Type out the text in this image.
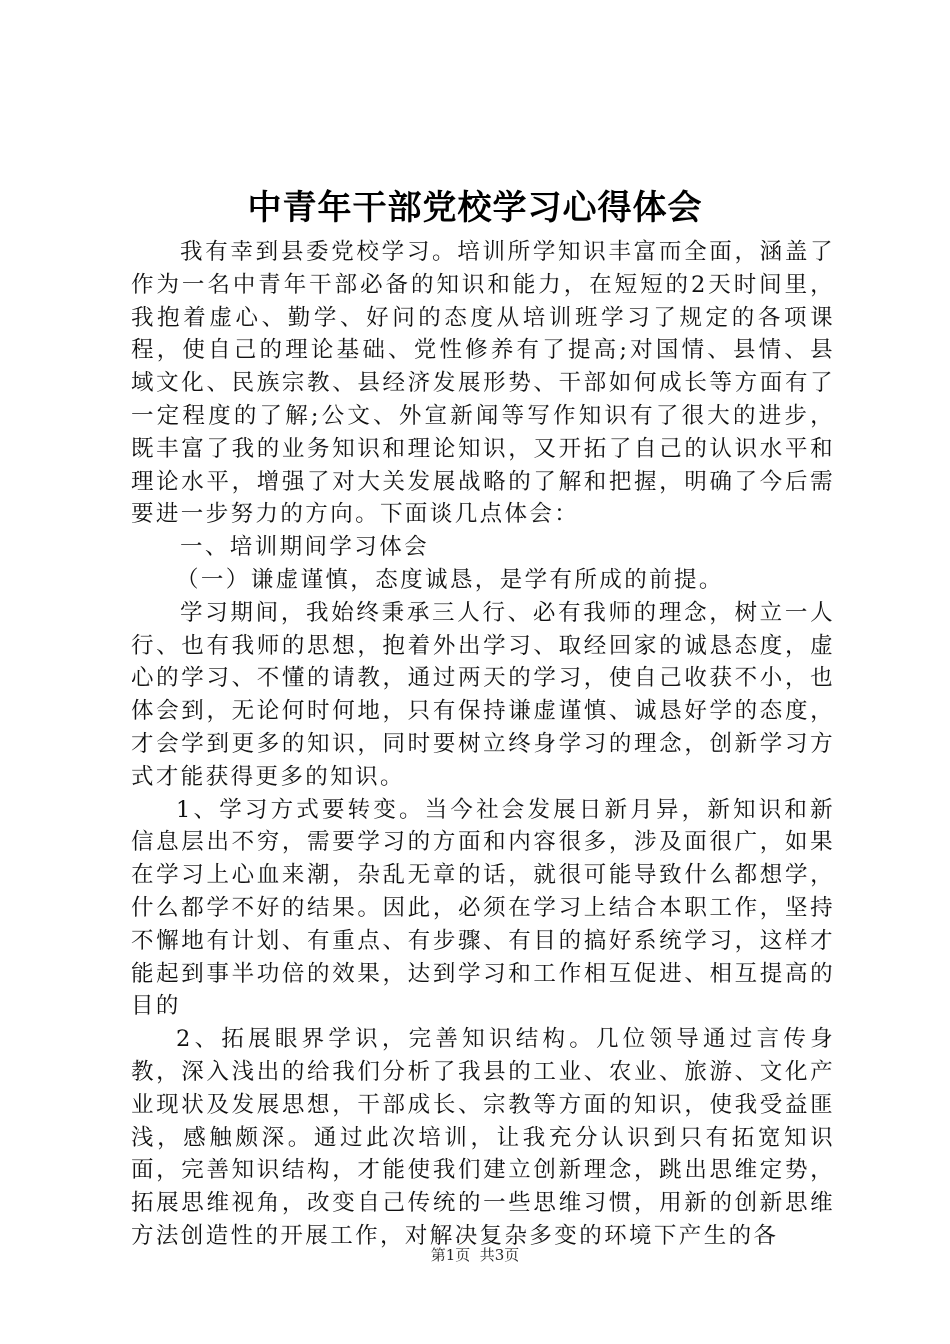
中青年干部党校学习心得体会

我有幸到县委党校学习。培训所学知识丰富而全面，涵盖了作为一名中青年干部必备的知识和能力，在短短的2天时间里，我抱着虚心、勤学、好问的态度从培训班学习了规定的各项课程，使自己的理论基础、党性修养有了提高;对国情、县情、县域文化、民族宗教、县经济发展形势、干部如何成长等方面有了一定程度的了解;公文、外宣新闻等写作知识有了很大的进步，既丰富了我的业务知识和理论知识，又开拓了自己的认识水平和理论水平，增强了对大关发展战略的了解和把握，明确了今后需要进一步努力的方向。下面谈几点体会：

一、培训期间学习体会

（一）谦虚谨慎，态度诚恳，是学有所成的前提。

学习期间，我始终秉承三人行、必有我师的理念，树立一人行、也有我师的思想，抱着外出学习、取经回家的诚恳态度，虚心的学习、不懂的请教，通过两天的学习，使自己收获不小，也体会到，无论何时何地，只有保持谦虚谨慎、诚恳好学的态度，才会学到更多的知识，同时要树立终身学习的理念，创新学习方式才能获得更多的知识。

1、学习方式要转变。当今社会发展日新月异，新知识和新信息层出不穷，需要学习的方面和内容很多，涉及面很广，如果在学习上心血来潮，杂乱无章的话，就很可能导致什么都想学，什么都学不好的结果。因此，必须在学习上结合本职工作，坚持不懈地有计划、有重点、有步骤、有目的搞好系统学习，这样才能起到事半功倍的效果，达到学习和工作相互促进、相互提高的目的

2、拓展眼界学识，完善知识结构。几位领导通过言传身教，深入浅出的给我们分析了我县的工业、农业、旅游、文化产业现状及发展思想，干部成长、宗教等方面的知识，使我受益匪浅，感触颇深。通过此次培训，让我充分认识到只有拓宽知识面，完善知识结构，才能使我们建立创新理念，跳出思维定势，拓展思维视角，改变自己传统的一些思维习惯，用新的创新思维方法创造性的开展工作，对解决复杂多变的环境下产生的各

第1页  共3页
